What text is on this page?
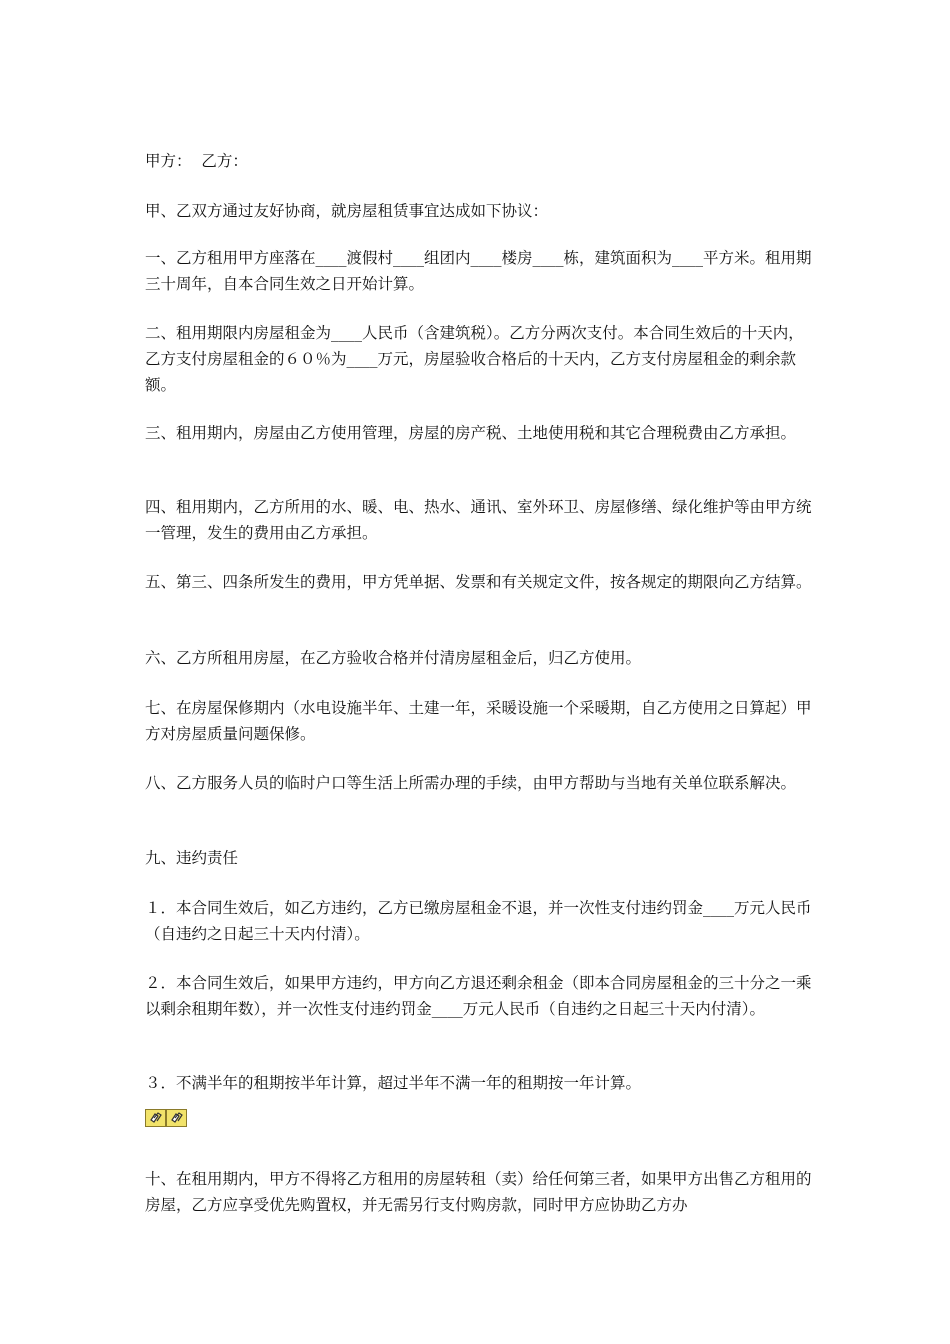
甲方：  乙方：

甲、乙双方通过友好协商，就房屋租赁事宜达成如下协议：

一、乙方租用甲方座落在____渡假村____组团内____楼房____栋，建筑面积为____平方米。租用期三十周年，自本合同生效之日开始计算。

二、租用期限内房屋租金为____人民币（含建筑税）。乙方分两次支付。本合同生效后的十天内，乙方支付房屋租金的６０％为____万元，房屋验收合格后的十天内，乙方支付房屋租金的剩余款额。

三、租用期内，房屋由乙方使用管理，房屋的房产税、土地使用税和其它合理税费由乙方承担。

四、租用期内，乙方所用的水、暖、电、热水、通讯、室外环卫、房屋修缮、绿化维护等由甲方统一管理，发生的费用由乙方承担。

五、第三、四条所发生的费用，甲方凭单据、发票和有关规定文件，按各规定的期限向乙方结算。

六、乙方所租用房屋，在乙方验收合格并付清房屋租金后，归乙方使用。

七、在房屋保修期内（水电设施半年、土建一年，采暖设施一个采暖期，自乙方使用之日算起）甲方对房屋质量问题保修。

八、乙方服务人员的临时户口等生活上所需办理的手续，由甲方帮助与当地有关单位联系解决。

九、违约责任

１．本合同生效后，如乙方违约，乙方已缴房屋租金不退，并一次性支付违约罚金____万元人民币（自违约之日起三十天内付清）。

２．本合同生效后，如果甲方违约，甲方向乙方退还剩余租金（即本合同房屋租金的三十分之一乘以剩余租期年数），并一次性支付违约罚金____万元人民币（自违约之日起三十天内付清）。

３．不满半年的租期按半年计算，超过半年不满一年的租期按一年计算。

十、在租用期内，甲方不得将乙方租用的房屋转租（卖）给任何第三者，如果甲方出售乙方租用的房屋，乙方应享受优先购置权，并无需另行支付购房款，同时甲方应协助乙方办
